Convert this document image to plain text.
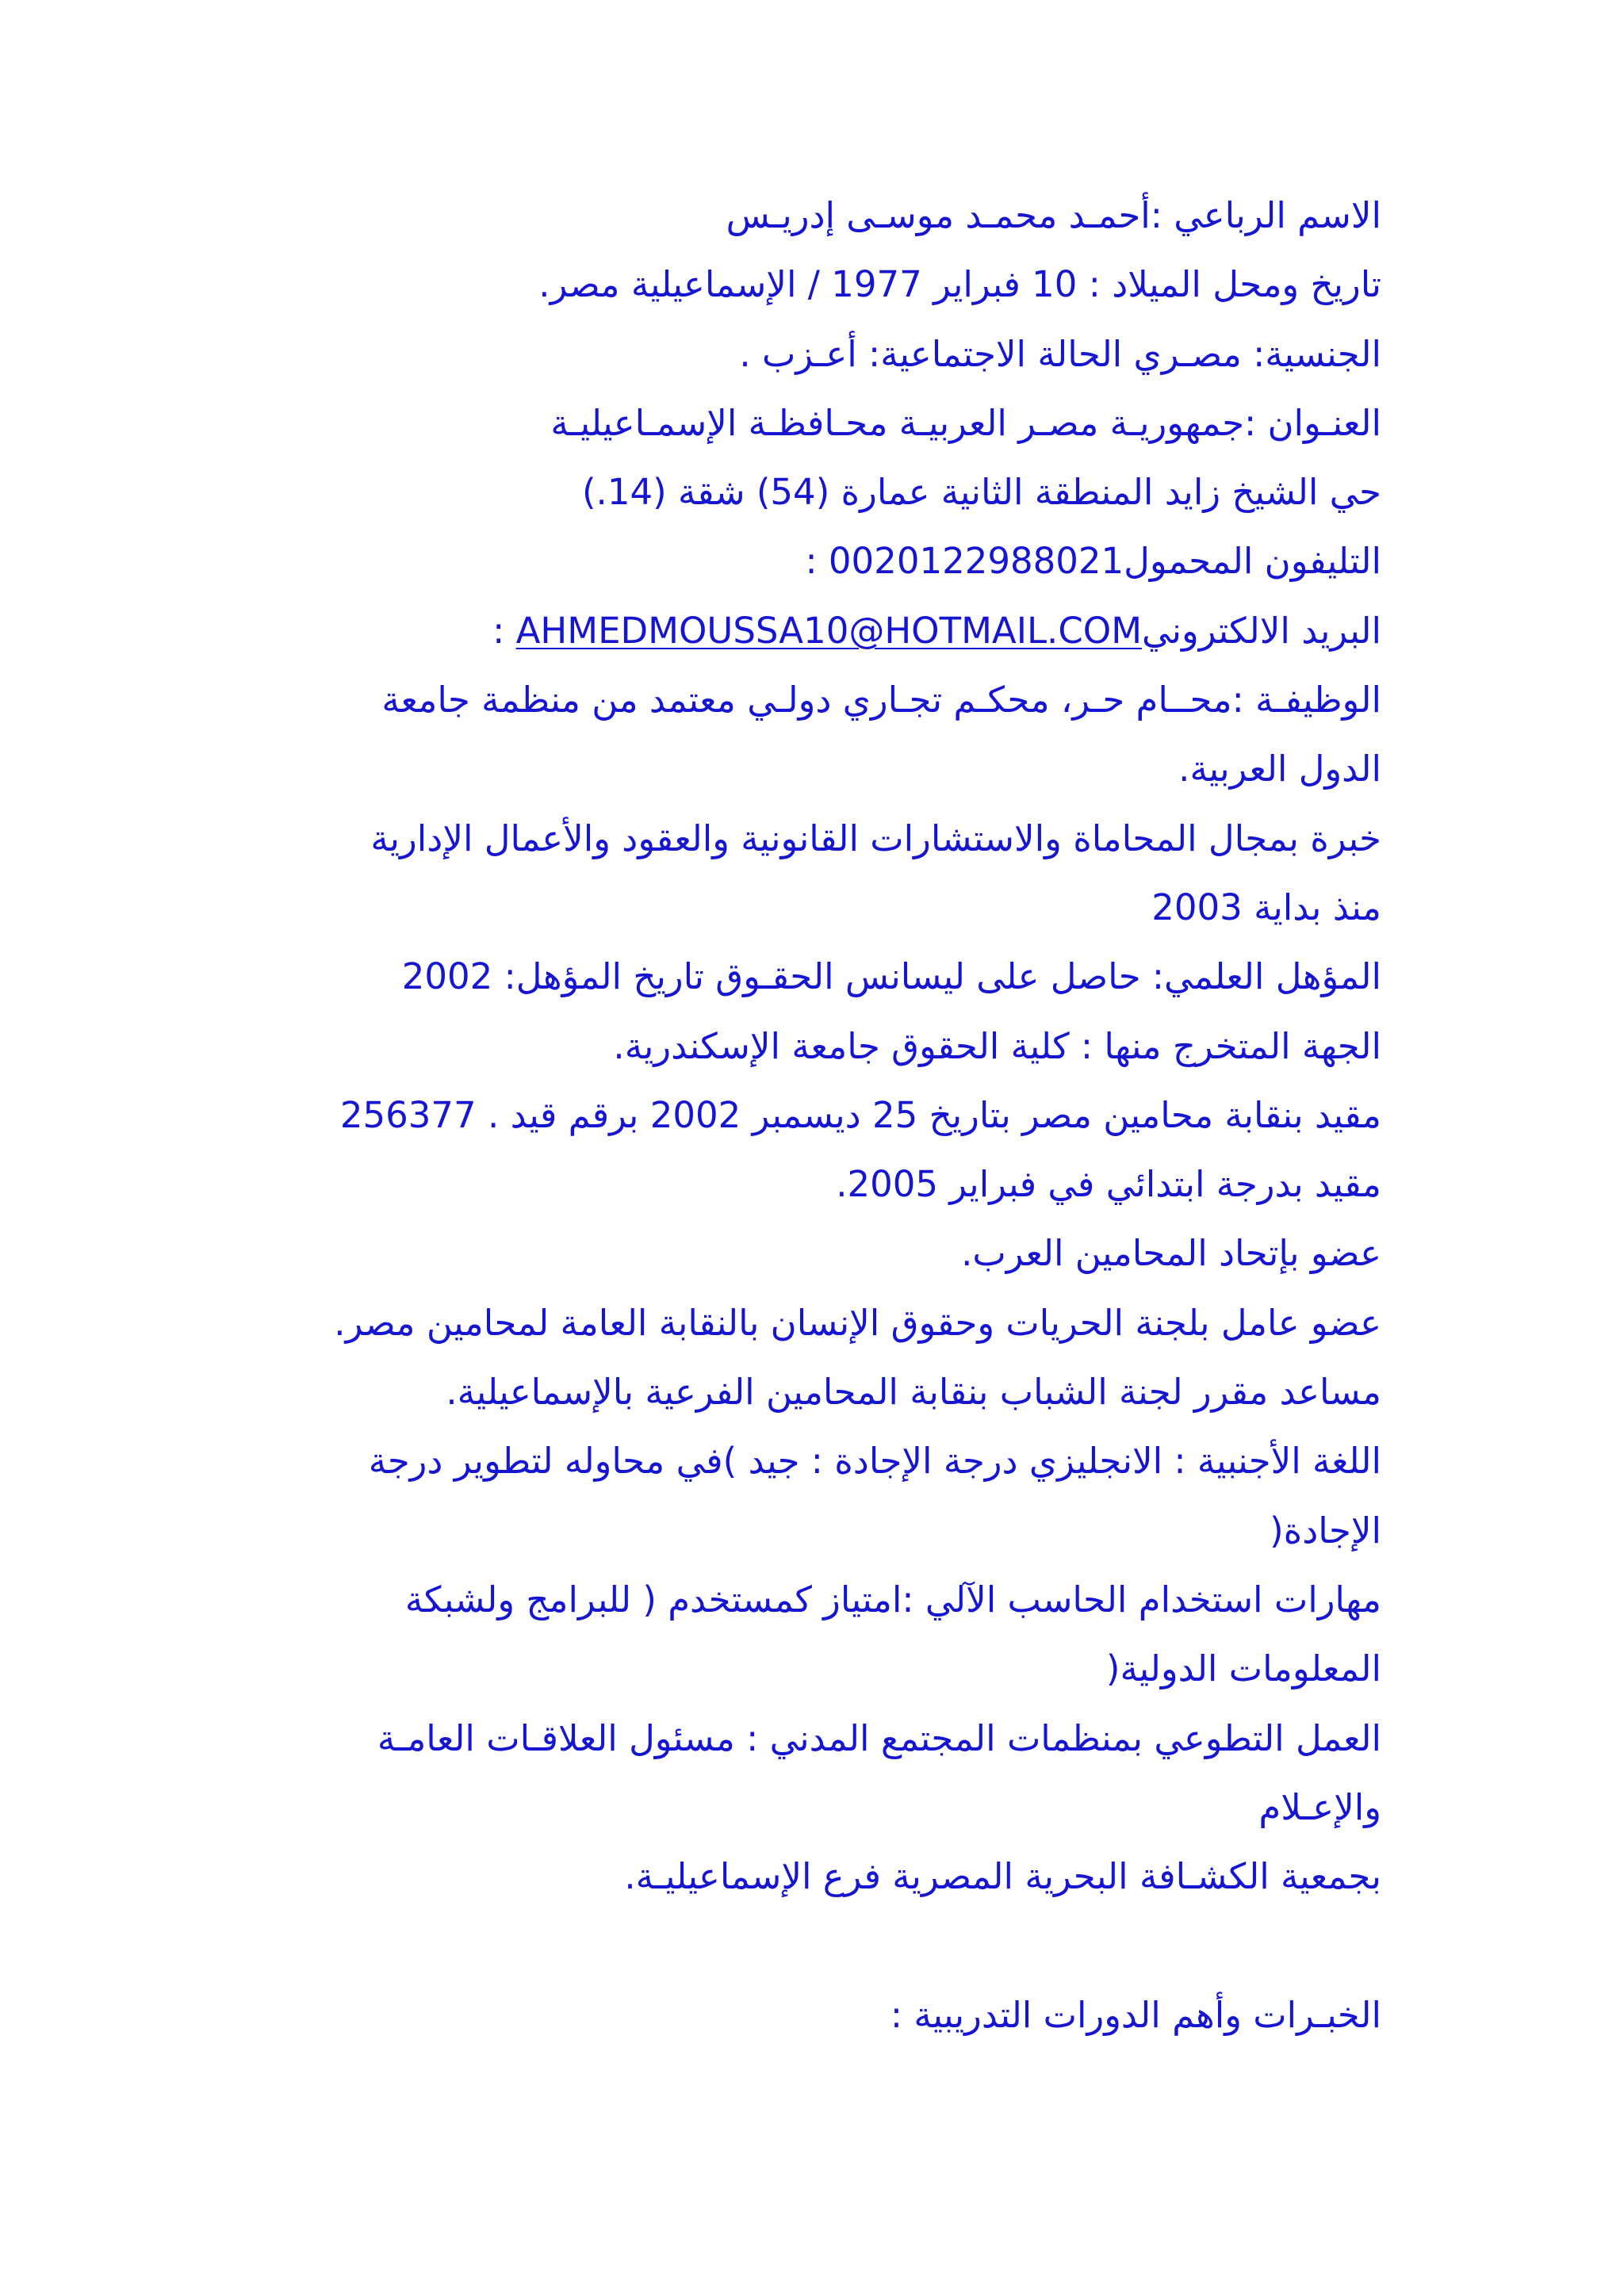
الاسم الرباعي :أحمـد محمـد موسـى إدريـس
تاريخ ومحل الميلاد : 10 فبراير 1977 / الإسماعيلية مصر.
الجنسية: مصـري الحالة الاجتماعية: أعـزب .
العنـوان :جمهوريـة مصـر العربيـة محـافظـة الإسمـاعيليـة
حي الشيخ زايد المنطقة الثانية عمارة (54) شقة (14.)
التليفون المحمول0020122988021 :
البريد الالكترونيAHMEDMOUSSA10@HOTMAIL.COM :
الوظيفـة :محــام حـر، محكـم تجـاري دولـي معتمد من منظمة جامعة
الدول العربية.
خبرة بمجال المحاماة والاستشارات القانونية والعقود والأعمال الإدارية
منذ بداية 2003
المؤهل العلمي: حاصل على ليسانس الحقـوق تاريخ المؤهل: 2002
الجهة المتخرج منها : كلية الحقوق جامعة الإسكندرية.
مقيد بنقابة محامين مصر بتاريخ 25 ديسمبر 2002 برقم قيد . 256377
مقيد بدرجة ابتدائي في فبراير 2005.
عضو بإتحاد المحامين العرب.
عضو عامل بلجنة الحريات وحقوق الإنسان بالنقابة العامة لمحامين مصر.
مساعد مقرر لجنة الشباب بنقابة المحامين الفرعية بالإسماعيلية.
اللغة الأجنبية : الانجليزي درجة الإجادة : جيد )في محاوله لتطوير درجة
الإجادة(
مهارات استخدام الحاسب الآلي :امتياز كمستخدم ( للبرامج ولشبكة
المعلومات الدولية(
العمل التطوعي بمنظمات المجتمع المدني : مسئول العلاقـات العامـة
والإعـلام
بجمعية الكشـافة البحرية المصرية فرع الإسماعيليـة.
الخبـرات وأهم الدورات التدريبية :
